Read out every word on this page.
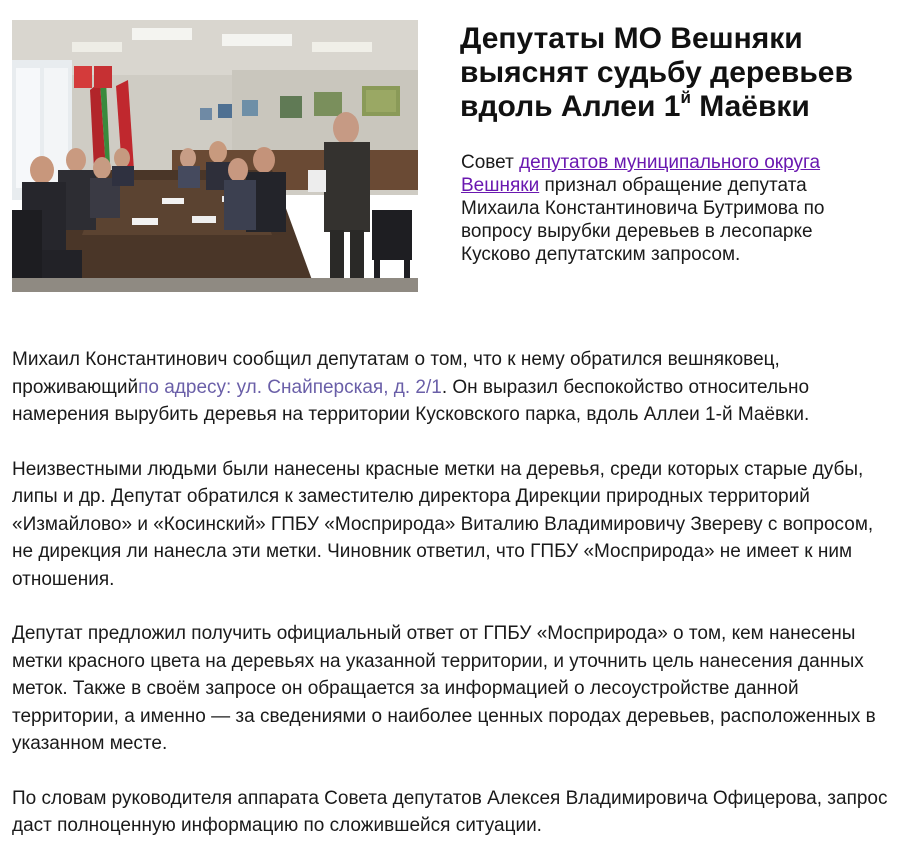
Депутаты МО Вешняки выяснят судьбу деревьев вдоль Аллеи $1^й$ Маёвки

Совет депутатов муниципального округа Вешняки признал обращение депутата Михаила Константиновича Бутримова по вопросу вырубки деревьев в лесопарке Кусково депутатским запросом.

Михаил Константинович сообщил депутатам о том, что к нему обратился вешняковец, проживающийпо адресу: ул. Снайперская, д. 2/1. Он выразил беспокойство относительно намерения вырубить деревья на территории Кусковского парка, вдоль Аллеи 1-й Маёвки.

Неизвестными людьми были нанесены красные метки на деревья, среди которых старые дубы, липы и др. Депутат обратился к заместителю директора Дирекции природных территорий «Измайлово» и «Косинский» ГПБУ «Мосприрода» Виталию Владимировичу Звереву с вопросом, не дирекция ли нанесла эти метки. Чиновник ответил, что ГПБУ «Мосприрода» не имеет к ним отношения.

Депутат предложил получить официальный ответ от ГПБУ «Мосприрода» о том, кем нанесены метки красного цвета на деревьях на указанной территории, и уточнить цель нанесения данных меток. Также в своём запросе он обращается за информацией о лесоустройстве данной территории, а именно — за сведениями о наиболее ценных породах деревьев, расположенных в указанном месте.

По словам руководителя аппарата Совета депутатов Алексея Владимировича Офицерова, запрос даст полноценную информацию по сложившейся ситуации.
